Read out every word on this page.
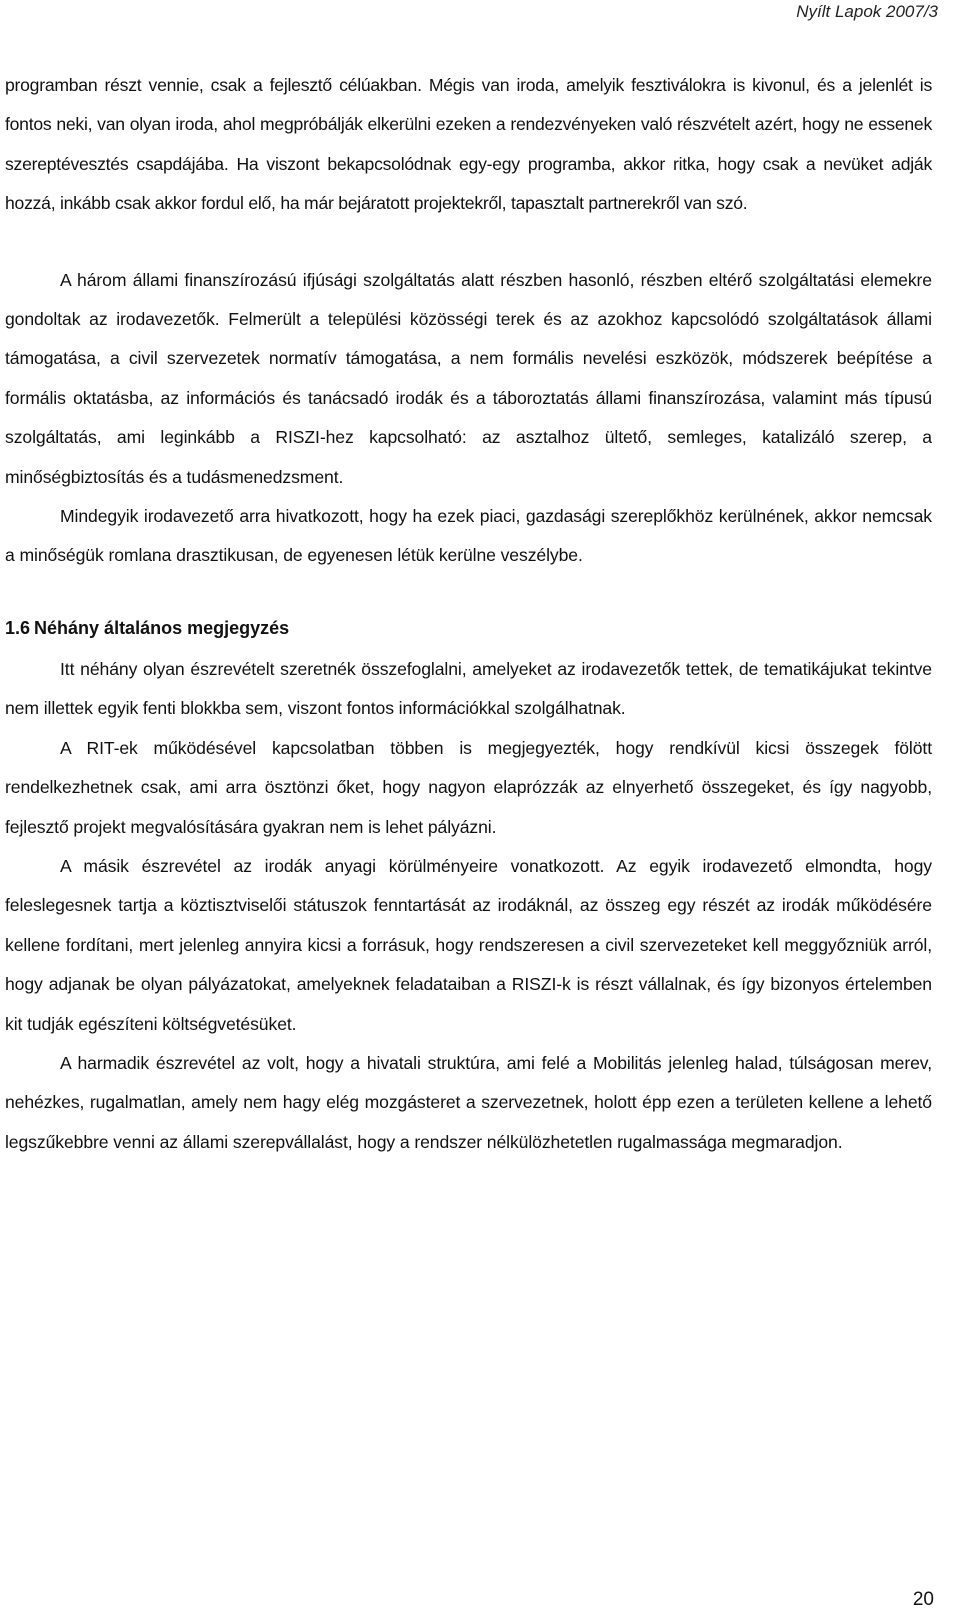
Nyílt Lapok 2007/3

programban részt vennie, csak a fejlesztő célúakban. Mégis van iroda, amelyik fesztiválokra is kivonul, és a jelenlét is fontos neki, van olyan iroda, ahol megpróbálják elkerülni ezeken a rendezvényeken való részvételt azért, hogy ne essenek szereptévesztés csapdájába. Ha viszont bekapcsolódnak egy-egy programba, akkor ritka, hogy csak a nevüket adják hozzá, inkább csak akkor fordul elő, ha már bejáratott projektekről, tapasztalt partnerekről van szó.

A három állami finanszírozású ifjúsági szolgáltatás alatt részben hasonló, részben eltérő szolgáltatási elemekre gondoltak az irodavezetők. Felmerült a települési közösségi terek és az azokhoz kapcsolódó szolgáltatások állami támogatása, a civil szervezetek normatív támogatása, a nem formális nevelési eszközök, módszerek beépítése a formális oktatásba, az információs és tanácsadó irodák és a táboroztatás állami finanszírozása, valamint más típusú szolgáltatás, ami leginkább a RISZI-hez kapcsolható: az asztalhoz ültető, semleges, katalizáló szerep, a minőségbiztosítás és a tudásmenedzsment.

Mindegyik irodavezető arra hivatkozott, hogy ha ezek piaci, gazdasági szereplőkhöz kerülnének, akkor nemcsak a minőségük romlana drasztikusan, de egyenesen létük kerülne veszélybe.

1.6 Néhány általános megjegyzés

Itt néhány olyan észrevételt szeretnék összefoglalni, amelyeket az irodavezetők tettek, de tematikájukat tekintve nem illettek egyik fenti blokkba sem, viszont fontos információkkal szolgálhatnak.

A RIT-ek működésével kapcsolatban többen is megjegyezték, hogy rendkívül kicsi összegek fölött rendelkezhetnek csak, ami arra ösztönzi őket, hogy nagyon elaprózzák az elnyerhető összegeket, és így nagyobb, fejlesztő projekt megvalósítására gyakran nem is lehet pályázni.

A másik észrevétel az irodák anyagi körülményeire vonatkozott. Az egyik irodavezető elmondta, hogy feleslegesnek tartja a köztisztviselői státuszok fenntartását az irodáknál, az összeg egy részét az irodák működésére kellene fordítani, mert jelenleg annyira kicsi a forrásuk, hogy rendszeresen a civil szervezeteket kell meggyőzniük arról, hogy adjanak be olyan pályázatokat, amelyeknek feladataiban a RISZI-k is részt vállalnak, és így bizonyos értelemben kit tudják egészíteni költségvetésüket.

A harmadik észrevétel az volt, hogy a hivatali struktúra, ami felé a Mobilitás jelenleg halad, túlságosan merev, nehézkes, rugalmatlan, amely nem hagy elég mozgásteret a szervezetnek, holott épp ezen a területen kellene a lehető legszűkebbre venni az állami szerepvállalást, hogy a rendszer nélkülözhetetlen rugalmassága megmaradjon.

20
